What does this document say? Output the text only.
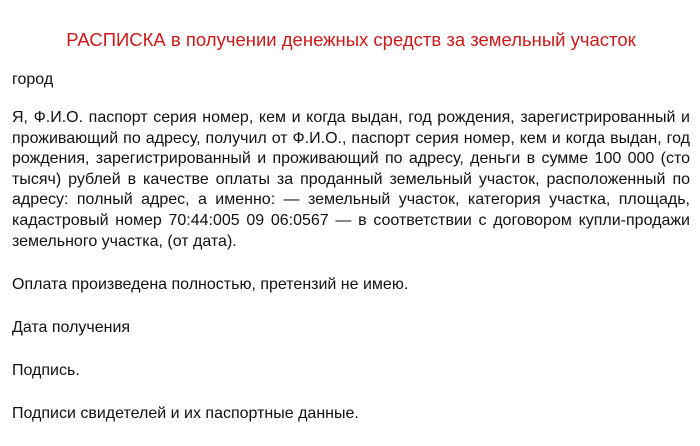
РАСПИСКА в получении денежных средств за земельный участок

город

Я, Ф.И.О. паспорт серия номер, кем и когда выдан, год рождения, зарегистрированный и проживающий по адресу, получил от Ф.И.О., паспорт серия номер, кем и когда выдан, год рождения, зарегистрированный и проживающий по адресу, деньги в сумме 100 000 (сто тысяч) рублей в качестве оплаты за проданный земельный участок, расположенный по адресу: полный адрес, а именно: — земельный участок, категория участка, площадь, кадастровый номер 70:44:005 09 06:0567 — в соответствии с договором купли-продажи земельного участка, (от дата).

Оплата произведена полностью, претензий не имею.

Дата получения

Подпись.

Подписи свидетелей и их паспортные данные.
